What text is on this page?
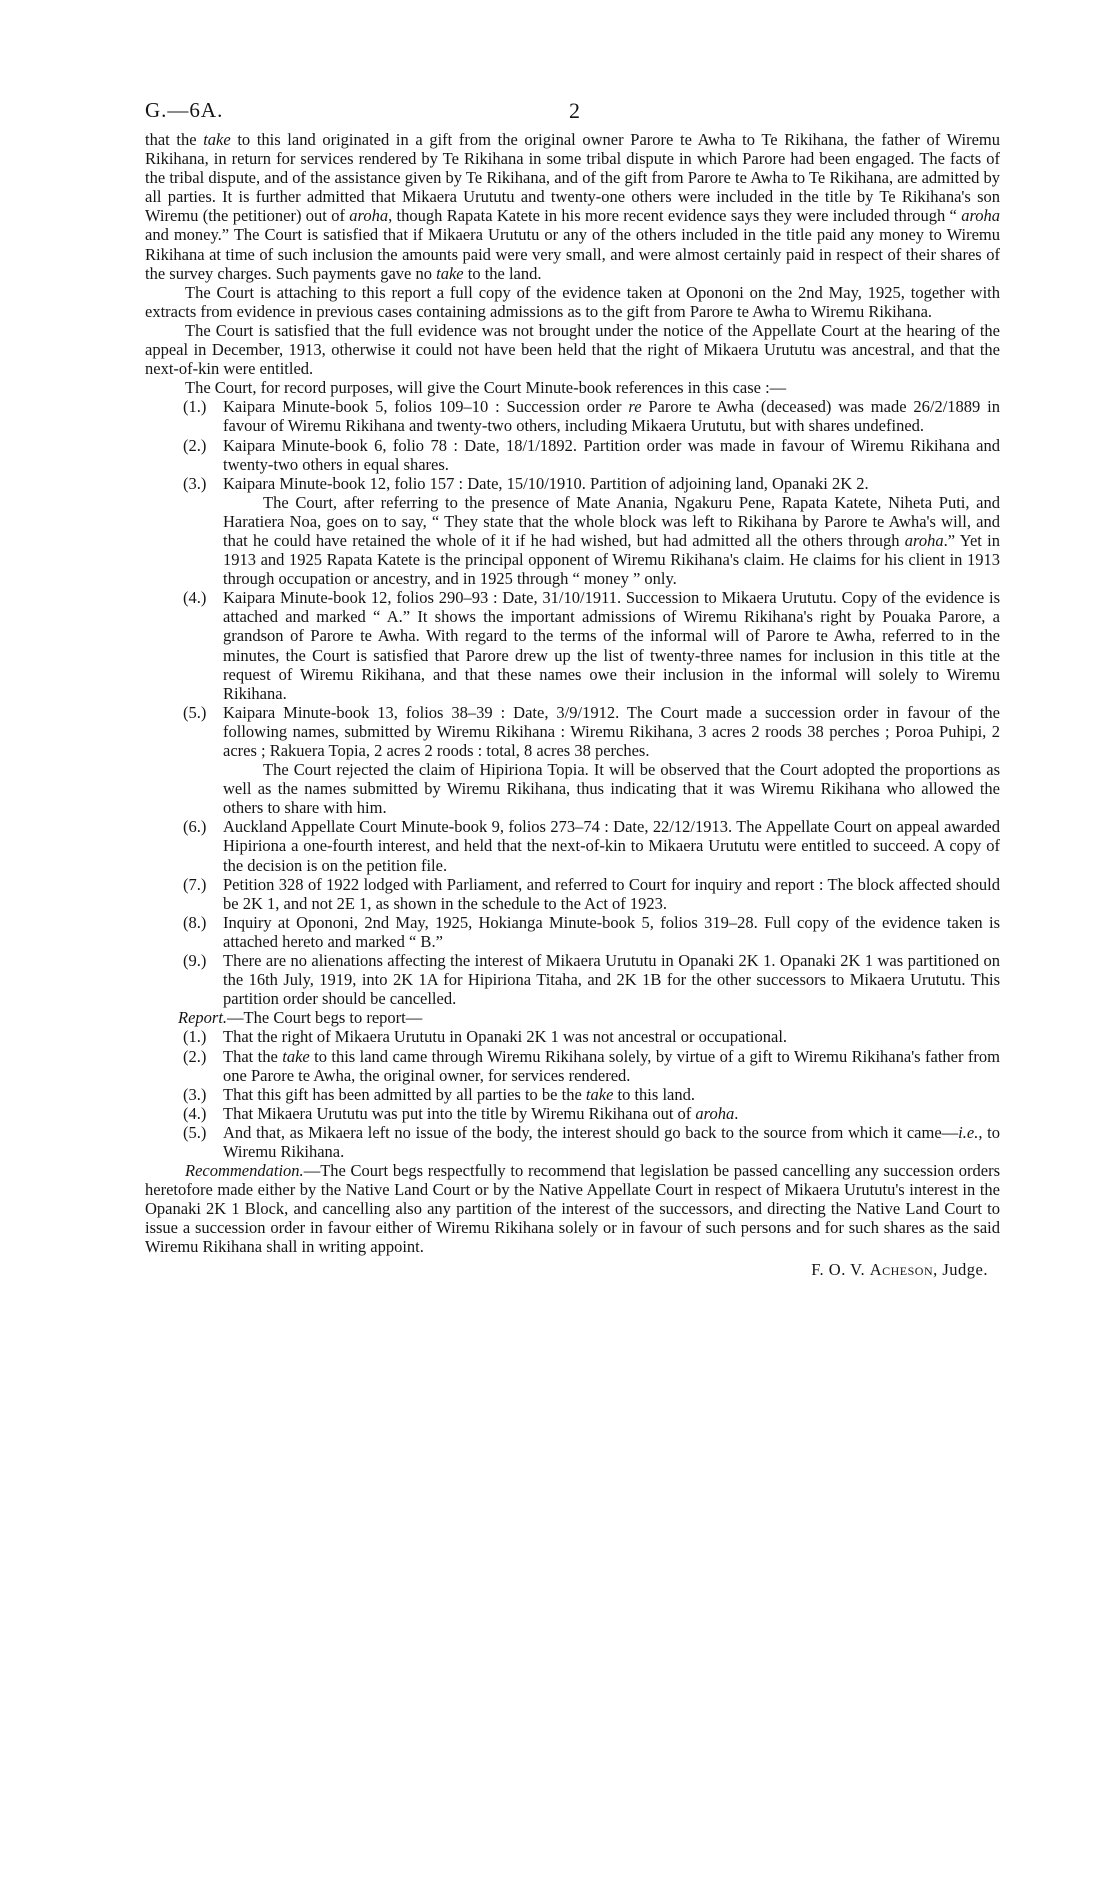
G.—6A.	2

that the take to this land originated in a gift from the original owner Parore te Awha to Te Rikihana, the father of Wiremu Rikihana, in return for services rendered by Te Rikihana in some tribal dispute in which Parore had been engaged. The facts of the tribal dispute, and of the assistance given by Te Rikihana, and of the gift from Parore te Awha to Te Rikihana, are admitted by all parties. It is further admitted that Mikaera Urututu and twenty-one others were included in the title by Te Rikihana's son Wiremu (the petitioner) out of aroha, though Rapata Katete in his more recent evidence says they were included through “ aroha and money.” The Court is satisfied that if Mikaera Urututu or any of the others included in the title paid any money to Wiremu Rikihana at time of such inclusion the amounts paid were very small, and were almost certainly paid in respect of their shares of the survey charges. Such payments gave no take to the land.

The Court is attaching to this report a full copy of the evidence taken at Opononi on the 2nd May, 1925, together with extracts from evidence in previous cases containing admissions as to the gift from Parore te Awha to Wiremu Rikihana.

The Court is satisfied that the full evidence was not brought under the notice of the Appellate Court at the hearing of the appeal in December, 1913, otherwise it could not have been held that the right of Mikaera Urututu was ancestral, and that the next-of-kin were entitled.

The Court, for record purposes, will give the Court Minute-book references in this case :—

(1.) Kaipara Minute-book 5, folios 109–10 : Succession order re Parore te Awha (deceased) was made 26/2/1889 in favour of Wiremu Rikihana and twenty-two others, including Mikaera Urututu, but with shares undefined.

(2.) Kaipara Minute-book 6, folio 78 : Date, 18/1/1892. Partition order was made in favour of Wiremu Rikihana and twenty-two others in equal shares.

(3.) Kaipara Minute-book 12, folio 157 : Date, 15/10/1910. Partition of adjoining land, Opanaki 2K 2.

The Court, after referring to the presence of Mate Anania, Ngakuru Pene, Rapata Katete, Niheta Puti, and Haratiera Noa, goes on to say, “ They state that the whole block was left to Rikihana by Parore te Awha's will, and that he could have retained the whole of it if he had wished, but had admitted all the others through aroha.” Yet in 1913 and 1925 Rapata Katete is the principal opponent of Wiremu Rikihana's claim. He claims for his client in 1913 through occupation or ancestry, and in 1925 through “ money ” only.

(4.) Kaipara Minute-book 12, folios 290–93 : Date, 31/10/1911. Succession to Mikaera Urututu. Copy of the evidence is attached and marked “ A.” It shows the important admissions of Wiremu Rikihana's right by Pouaka Parore, a grandson of Parore te Awha. With regard to the terms of the informal will of Parore te Awha, referred to in the minutes, the Court is satisfied that Parore drew up the list of twenty-three names for inclusion in this title at the request of Wiremu Rikihana, and that these names owe their inclusion in the informal will solely to Wiremu Rikihana.

(5.) Kaipara Minute-book 13, folios 38–39 : Date, 3/9/1912. The Court made a succession order in favour of the following names, submitted by Wiremu Rikihana : Wiremu Rikihana, 3 acres 2 roods 38 perches ; Poroa Puhipi, 2 acres ; Rakuera Topia, 2 acres 2 roods : total, 8 acres 38 perches.

The Court rejected the claim of Hipiriona Topia. It will be observed that the Court adopted the proportions as well as the names submitted by Wiremu Rikihana, thus indicating that it was Wiremu Rikihana who allowed the others to share with him.

(6.) Auckland Appellate Court Minute-book 9, folios 273–74 : Date, 22/12/1913. The Appellate Court on appeal awarded Hipiriona a one-fourth interest, and held that the next-of-kin to Mikaera Urututu were entitled to succeed. A copy of the decision is on the petition file.

(7.) Petition 328 of 1922 lodged with Parliament, and referred to Court for inquiry and report : The block affected should be 2K 1, and not 2E 1, as shown in the schedule to the Act of 1923.

(8.) Inquiry at Opononi, 2nd May, 1925, Hokianga Minute-book 5, folios 319–28. Full copy of the evidence taken is attached hereto and marked “ B.”

(9.) There are no alienations affecting the interest of Mikaera Urututu in Opanaki 2K 1. Opanaki 2K 1 was partitioned on the 16th July, 1919, into 2K 1A for Hipiriona Titaha, and 2K 1B for the other successors to Mikaera Urututu. This partition order should be cancelled.

Report.—The Court begs to report—

(1.) That the right of Mikaera Urututu in Opanaki 2K 1 was not ancestral or occupational.

(2.) That the take to this land came through Wiremu Rikihana solely, by virtue of a gift to Wiremu Rikihana's father from one Parore te Awha, the original owner, for services rendered.

(3.) That this gift has been admitted by all parties to be the take to this land.

(4.) That Mikaera Urututu was put into the title by Wiremu Rikihana out of aroha.

(5.) And that, as Mikaera left no issue of the body, the interest should go back to the source from which it came—i.e., to Wiremu Rikihana.

Recommendation.—The Court begs respectfully to recommend that legislation be passed cancelling any succession orders heretofore made either by the Native Land Court or by the Native Appellate Court in respect of Mikaera Urututu's interest in the Opanaki 2K 1 Block, and cancelling also any partition of the interest of the successors, and directing the Native Land Court to issue a succession order in favour either of Wiremu Rikihana solely or in favour of such persons and for such shares as the said Wiremu Rikihana shall in writing appoint.

F. O. V. Acheson, Judge.
